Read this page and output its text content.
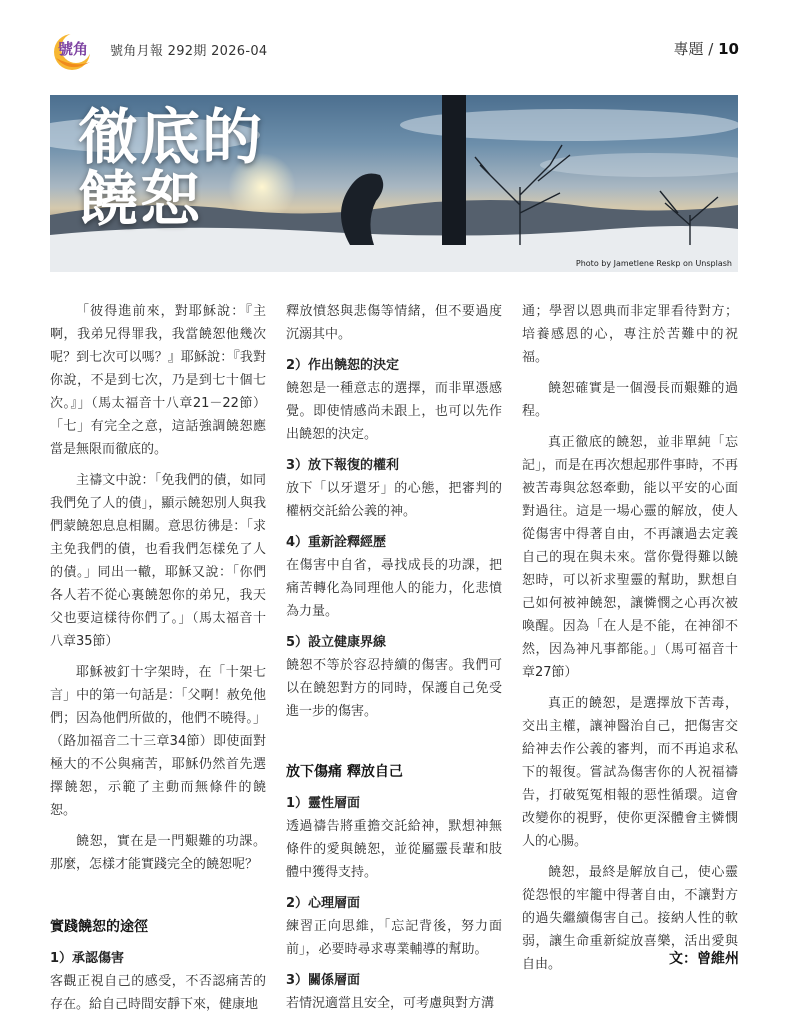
號角 號角月報 292期 2026-04	專題 / 10
徹底的
饒恕
Photo by Jametlene Reskp on Unsplash

「彼得進前來，對耶穌說：『主啊，我弟兄得罪我，我當饒恕他幾次呢？到七次可以嗎？』耶穌說：『我對你說，不是到七次，乃是到七十個七次。』」（馬太福音十八章21－22節）「七」有完全之意，這話強調饒恕應當是無限而徹底的。

主禱文中說：「免我們的債，如同我們免了人的債」，顯示饒恕別人與我們蒙饒恕息息相關。意思彷彿是：「求主免我們的債，也看我們怎樣免了人的債。」同出一轍，耶穌又說：「你們各人若不從心裏饒恕你的弟兄，我天父也要這樣待你們了。」（馬太福音十八章35節）

耶穌被釘十字架時，在「十架七言」中的第一句話是：「父啊！赦免他們；因為他們所做的，他們不曉得。」（路加福音二十三章34節）即使面對極大的不公與痛苦，耶穌仍然首先選擇饒恕，示範了主動而無條件的饒恕。

饒恕，實在是一門艱難的功課。那麼，怎樣才能實踐完全的饒恕呢？

實踐饒恕的途徑
1）承認傷害

客觀正視自己的感受，不否認痛苦的存在。給自己時間安靜下來，健康地

釋放憤怒與悲傷等情緒，但不要過度沉溺其中。

2）作出饒恕的決定

饒恕是一種意志的選擇，而非單憑感覺。即使情感尚未跟上，也可以先作出饒恕的決定。

3）放下報復的權利

放下「以牙還牙」的心態，把審判的權柄交託給公義的神。

4）重新詮釋經歷

在傷害中自省，尋找成長的功課，把痛苦轉化為同理他人的能力，化悲憤為力量。

5）設立健康界線

饒恕不等於容忍持續的傷害。我們可以在饒恕對方的同時，保護自己免受進一步的傷害。

放下傷痛 釋放自己
1）靈性層面

透過禱告將重擔交託給神，默想神無條件的愛與饒恕，並從屬靈長輩和肢體中獲得支持。

2）心理層面

練習正向思維，「忘記背後，努力面前」，必要時尋求專業輔導的幫助。

3）關係層面

若情況適當且安全，可考慮與對方溝

通；學習以恩典而非定罪看待對方；培養感恩的心，專注於苦難中的祝福。

饒恕確實是一個漫長而艱難的過程。

真正徹底的饒恕，並非單純「忘記」，而是在再次想起那件事時，不再被苦毒與忿怒牽動，能以平安的心面對過往。這是一場心靈的解放，使人從傷害中得著自由，不再讓過去定義自己的現在與未來。當你覺得難以饒恕時，可以祈求聖靈的幫助，默想自己如何被神饒恕，讓憐憫之心再次被喚醒。因為「在人是不能，在神卻不然，因為神凡事都能。」（馬可福音十章27節）

真正的饒恕，是選擇放下苦毒，交出主權，讓神醫治自己，把傷害交給神去作公義的審判，而不再追求私下的報復。嘗試為傷害你的人祝福禱告，打破冤冤相報的惡性循環。這會改變你的視野，使你更深體會主憐憫人的心腸。

饒恕，最終是解放自己，使心靈從怨恨的牢籠中得著自由，不讓對方的過失繼續傷害自己。接納人性的軟弱，讓生命重新綻放喜樂，活出愛與自由。	文：曾維州
